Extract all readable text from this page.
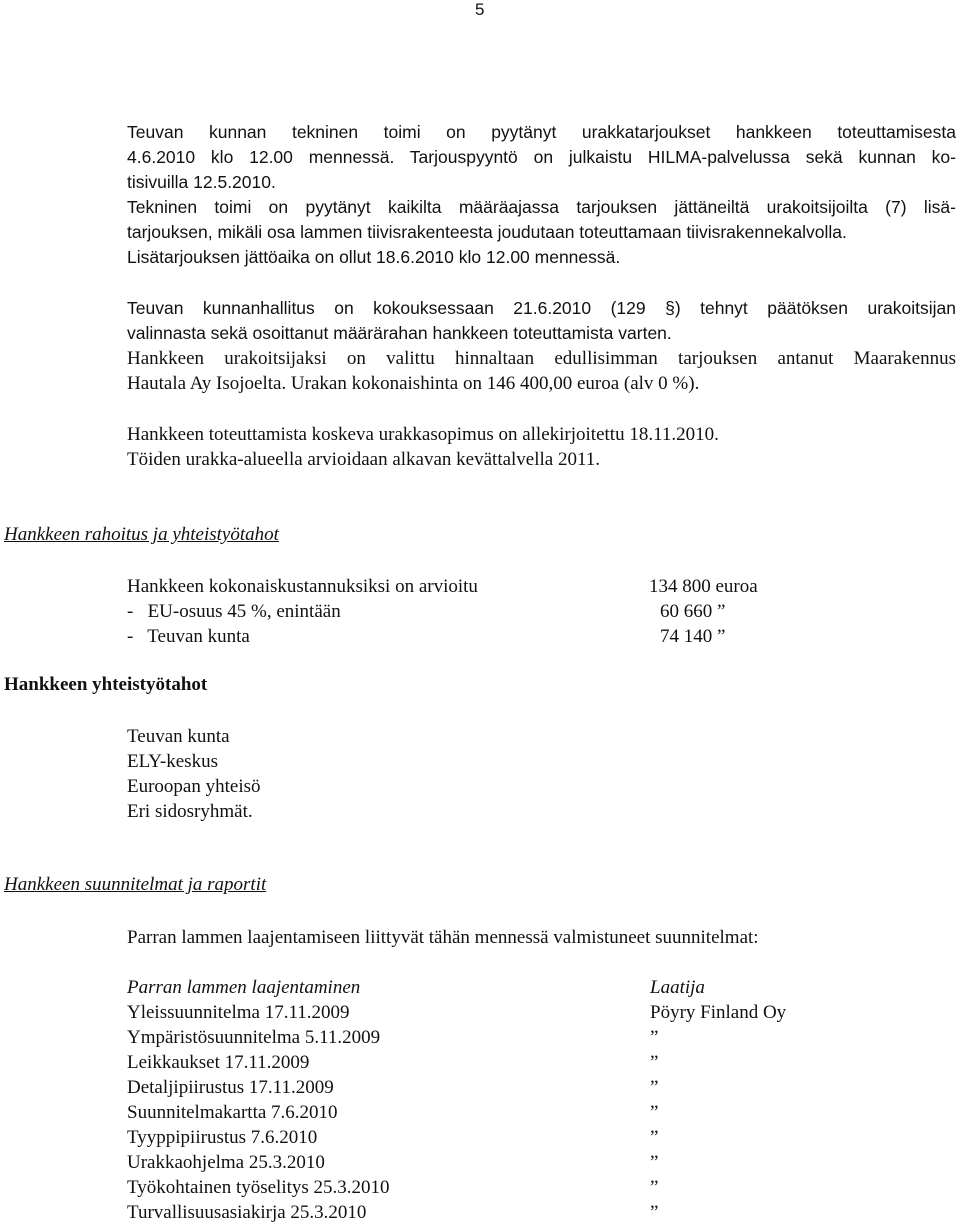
5

Teuvan kunnan tekninen toimi on pyytänyt urakkatarjoukset hankkeen toteuttamisesta
4.6.2010 klo 12.00 mennessä. Tarjouspyyntö on julkaistu HILMA-palvelussa sekä kunnan ko-
tisivuilla 12.5.2010.

Tekninen toimi on pyytänyt kaikilta määräajassa tarjouksen jättäneiltä urakoitsijoilta (7) lisä-
tarjouksen, mikäli osa lammen tiivisrakenteesta joudutaan toteuttamaan tiivisrakennekalvolla.
Lisätarjouksen jättöaika on ollut 18.6.2010 klo 12.00 mennessä.

Teuvan kunnanhallitus on kokouksessaan 21.6.2010 (129 §) tehnyt päätöksen urakoitsijan
valinnasta sekä osoittanut määrärahan hankkeen toteuttamista varten.

Hankkeen urakoitsijaksi on valittu hinnaltaan edullisimman tarjouksen antanut Maarakennus
Hautala Ay Isojoelta. Urakan kokonaishinta on 146 400,00 euroa (alv 0 %).

Hankkeen toteuttamista koskeva urakkasopimus on allekirjoitettu 18.11.2010.
Töiden urakka-alueella arvioidaan alkavan kevättalvella 2011.

Hankkeen rahoitus ja yhteistyötahot
Hankkeen kokonaiskustannuksiksi on arvioitu	134 800 euroa
-   EU-osuus 45 %, enintään	60 660 ”
-   Teuvan kunta	74 140 ”
Hankkeen yhteistyötahot
Teuvan kunta
ELY-keskus
Euroopan yhteisö
Eri sidosryhmät.
Hankkeen suunnitelmat ja raportit
Parran lammen laajentamiseen liittyvät tähän mennessä valmistuneet suunnitelmat:
Parran lammen laajentaminen	Laatija
Yleissuunnitelma 17.11.2009	Pöyry Finland Oy
Ympäristösuunnitelma 5.11.2009	”
Leikkaukset 17.11.2009	”
Detaljipiirustus 17.11.2009	”
Suunnitelmakartta 7.6.2010	”
Tyyppipiirustus 7.6.2010	”
Urakkaohjelma 25.3.2010	”
Työkohtainen työselitys 25.3.2010	”
Turvallisuusasiakirja 25.3.2010	”
